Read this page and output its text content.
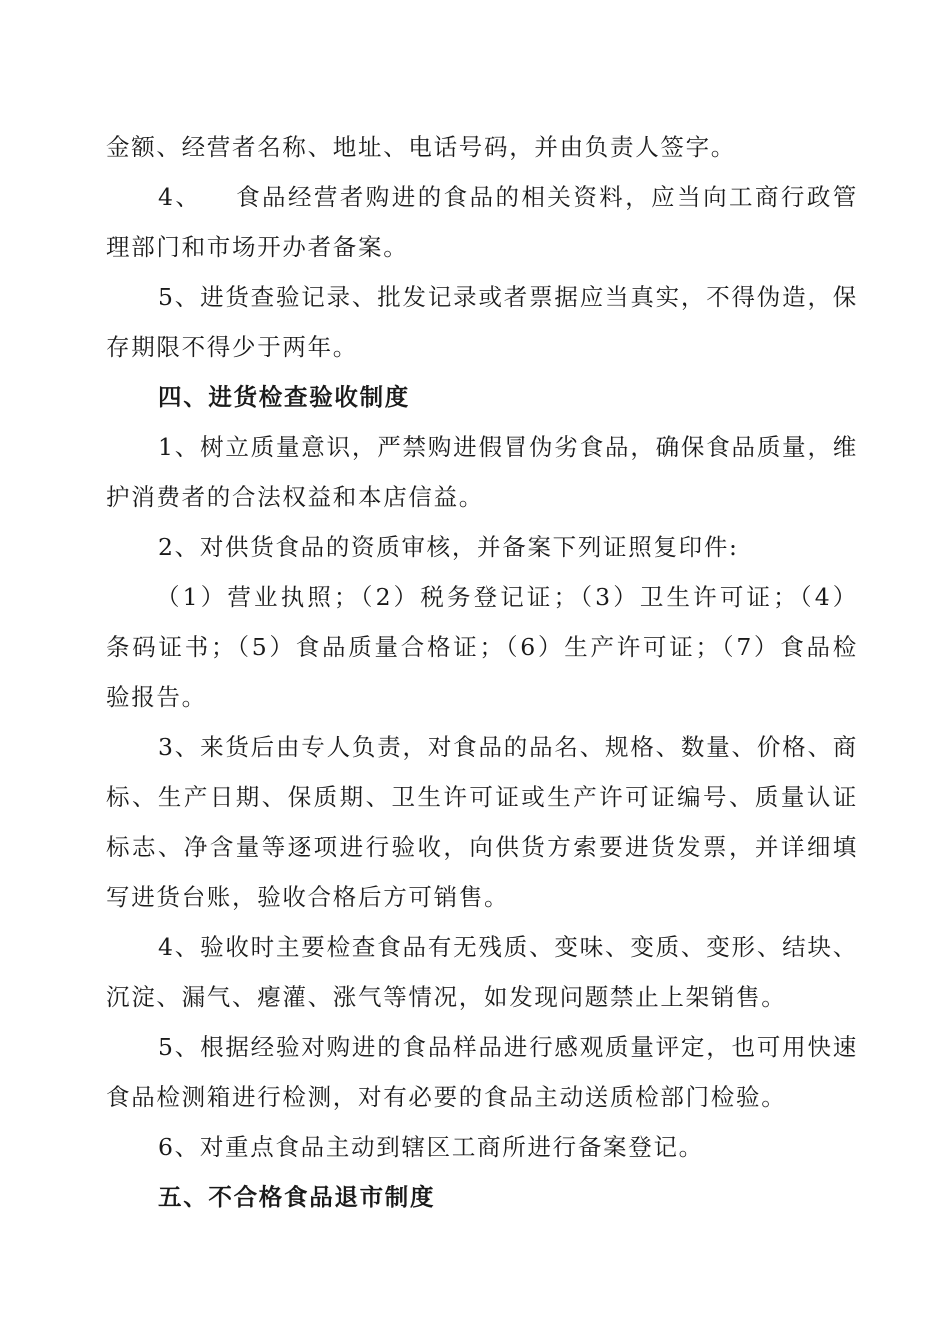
金额、经营者名称、地址、电话号码，并由负责人签字。
4、 食品经营者购进的食品的相关资料，应当向工商行政管
理部门和市场开办者备案。
5、进货查验记录、批发记录或者票据应当真实，不得伪造，保
存期限不得少于两年。
四、进货检查验收制度
1、树立质量意识，严禁购进假冒伪劣食品，确保食品质量，维
护消费者的合法权益和本店信益。
2、对供货食品的资质审核，并备案下列证照复印件:
（1）营业执照；（2）税务登记证；（3）卫生许可证；（4）
条码证书；（5）食品质量合格证；（6）生产许可证；（7）食品检
验报告。
3、来货后由专人负责，对食品的品名、规格、数量、价格、商
标、生产日期、保质期、卫生许可证或生产许可证编号、质量认证
标志、净含量等逐项进行验收，向供货方索要进货发票，并详细填
写进货台账，验收合格后方可销售。
4、验收时主要检查食品有无残质、变味、变质、变形、结块、
沉淀、漏气、瘪灌、涨气等情况，如发现问题禁止上架销售。
5、根据经验对购进的食品样品进行感观质量评定，也可用快速
食品检测箱进行检测，对有必要的食品主动送质检部门检验。
6、对重点食品主动到辖区工商所进行备案登记。
五、不合格食品退市制度
